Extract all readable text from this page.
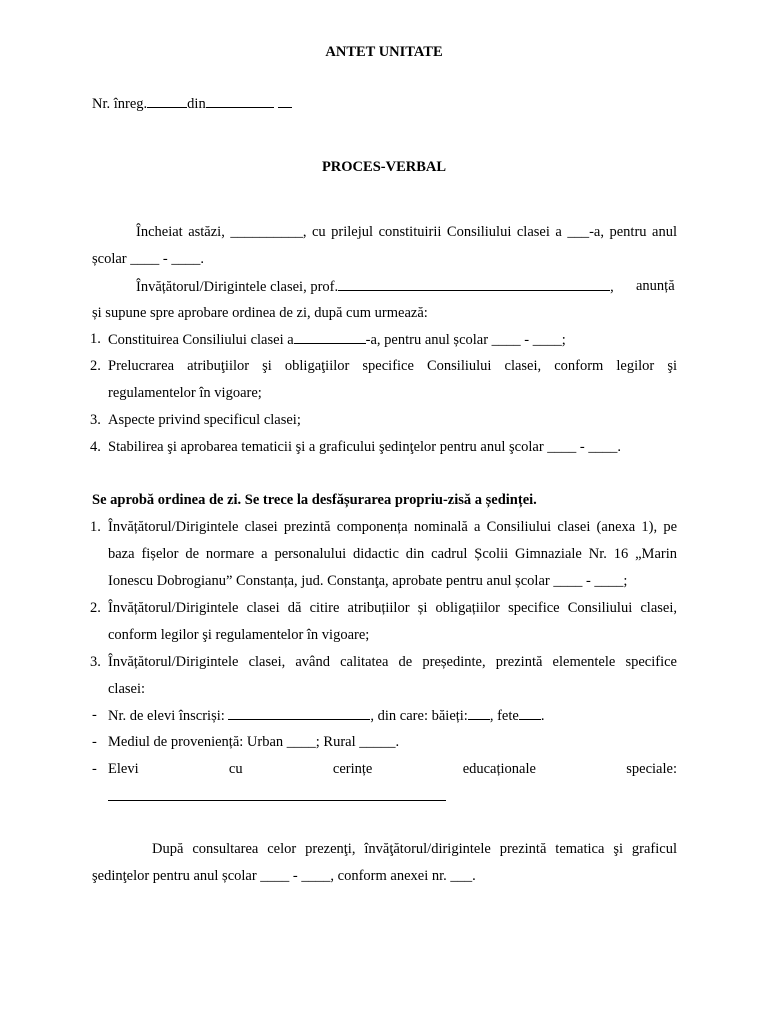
ANTET UNITATE
Nr. înreg.	din
PROCES-VERBAL
Încheiat astăzi, __________, cu prilejul constituirii Consiliului clasei a ___-a, pentru anul
școlar ____ - ____.
Învățătorul/Dirigintele clasei, prof.	, anunță
și supune spre aprobare ordinea de zi, după cum urmează:
1. Constituirea Consiliului clasei a	-a, pentru anul școlar ____ - ____;
2. Prelucrarea atribuţiilor şi obligaţiilor specifice Consiliului clasei, conform legilor şi
regulamentelor în vigoare;
3. Aspecte privind specificul clasei;
4. Stabilirea şi aprobarea tematicii şi a graficului şedinţelor pentru anul şcolar ____ - ____.
Se aprobă ordinea de zi. Se trece la desfășurarea propriu-zisă a ședinței.
1. Învățătorul/Dirigintele clasei prezintă componența nominală a Consiliului clasei (anexa 1), pe
baza fișelor de normare a personalului didactic din cadrul Școlii Gimnaziale Nr. 16 „Marin
Ionescu Dobrogianu” Constanța, jud. Constanţa, aprobate pentru anul școlar ____ - ____;
2. Învățătorul/Dirigintele clasei dă citire atribuțiilor și obligațiilor specifice Consiliului clasei,
conform legilor şi regulamentelor în vigoare;
3. Învățătorul/Dirigintele clasei, având calitatea de președinte, prezintă elementele specifice
clasei:
- Nr. de elevi înscriși:	, din care: băieți: , fete .
- Mediul de proveniență: Urban ____; Rural _____.
- Elevi	cu	cerințe	educaționale	speciale:
După consultarea celor prezenţi, învăţătorul/dirigintele prezintă tematica şi graficul
şedinţelor pentru anul școlar ____ - ____, conform anexei nr. ___.
